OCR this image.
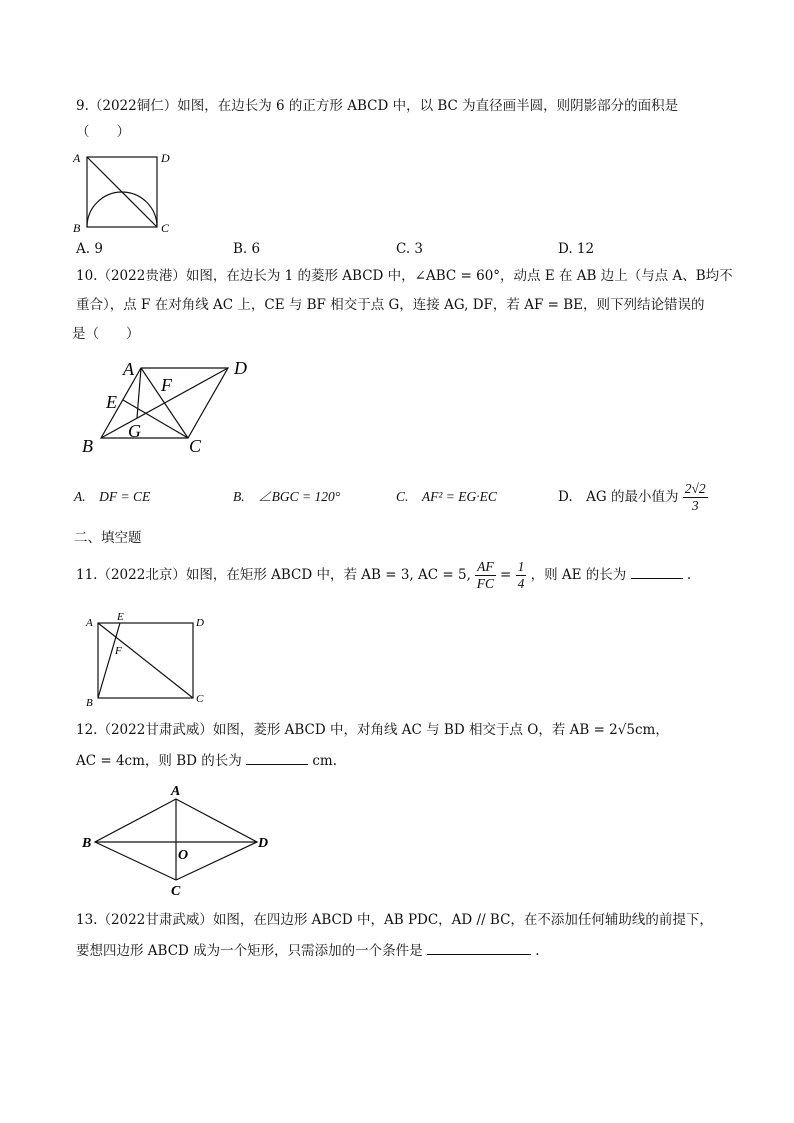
9.（2022铜仁）如图，在边长为 6 的正方形 ABCD 中，以 BC 为直径画半圆，则阴影部分的面积是
（　　）
A	D
B	C
A. 9	B. 6	C. 3	D. 12
10.（2022贵港）如图，在边长为 1 的菱形 ABCD 中，∠ABC = 60°，动点 E 在 AB 边上（与点 A、B均不
重合），点 F 在对角线 AC 上，CE 与 BF 相交于点 G，连接 AG, DF，若 AF = BE，则下列结论错误的
是（　　）
A	D
F
E
G
B	C
A.　DF = CE	B.　∠BGC = 120°	C.　AF² = EG·EC	D.　AG 的最小值为 $\frac{2√2}{3}$
二、填空题
11.（2022北京）如图，在矩形 ABCD 中，若 AB = 3, AC = 5, $\frac{AF}{FC} = \frac{1}{4}$ ，则 AE 的长为	.
A E	D
F
B	C
12.（2022甘肃武威）如图，菱形 ABCD 中，对角线 AC 与 BD 相交于点 O，若 AB = 2√5cm，
AC = 4cm，则 BD 的长为	cm.
A
B	D
O
C
13.（2022甘肃武威）如图，在四边形 ABCD 中，AB PDC，AD // BC，在不添加任何辅助线的前提下，
要想四边形 ABCD 成为一个矩形，只需添加的一个条件是	.
